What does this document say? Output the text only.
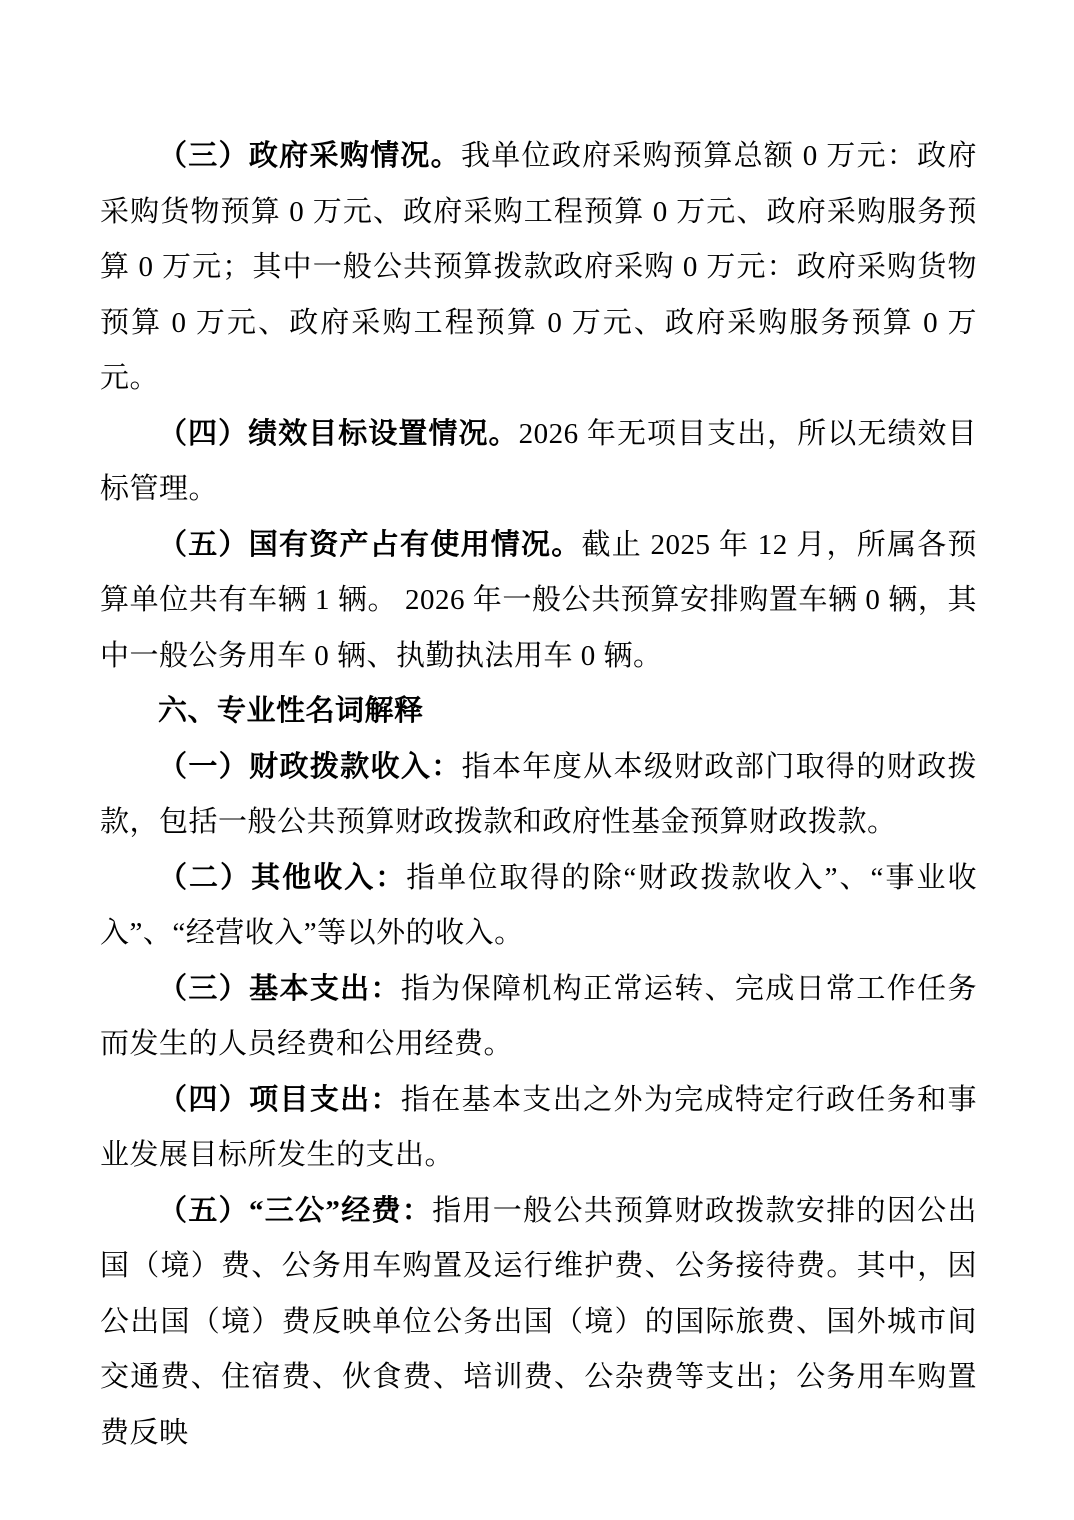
（三）政府采购情况。我单位政府采购预算总额 0 万元：政府采购货物预算 0 万元、政府采购工程预算 0 万元、政府采购服务预算 0 万元；其中一般公共预算拨款政府采购 0 万元：政府采购货物预算 0 万元、政府采购工程预算 0 万元、政府采购服务预算 0 万元。

（四）绩效目标设置情况。2026 年无项目支出，所以无绩效目标管理。

（五）国有资产占有使用情况。截止 2025 年 12 月，所属各预算单位共有车辆 1 辆。 2026 年一般公共预算安排购置车辆 0 辆，其中一般公务用车 0 辆、执勤执法用车 0 辆。

六、专业性名词解释

（一）财政拨款收入：指本年度从本级财政部门取得的财政拨款，包括一般公共预算财政拨款和政府性基金预算财政拨款。

（二）其他收入：指单位取得的除“财政拨款收入”、“事业收入”、“经营收入”等以外的收入。

（三）基本支出：指为保障机构正常运转、完成日常工作任务而发生的人员经费和公用经费。

（四）项目支出：指在基本支出之外为完成特定行政任务和事业发展目标所发生的支出。

（五）“三公”经费：指用一般公共预算财政拨款安排的因公出国（境）费、公务用车购置及运行维护费、公务接待费。其中，因公出国（境）费反映单位公务出国（境）的国际旅费、国外城市间交通费、住宿费、伙食费、培训费、公杂费等支出；公务用车购置费反映
